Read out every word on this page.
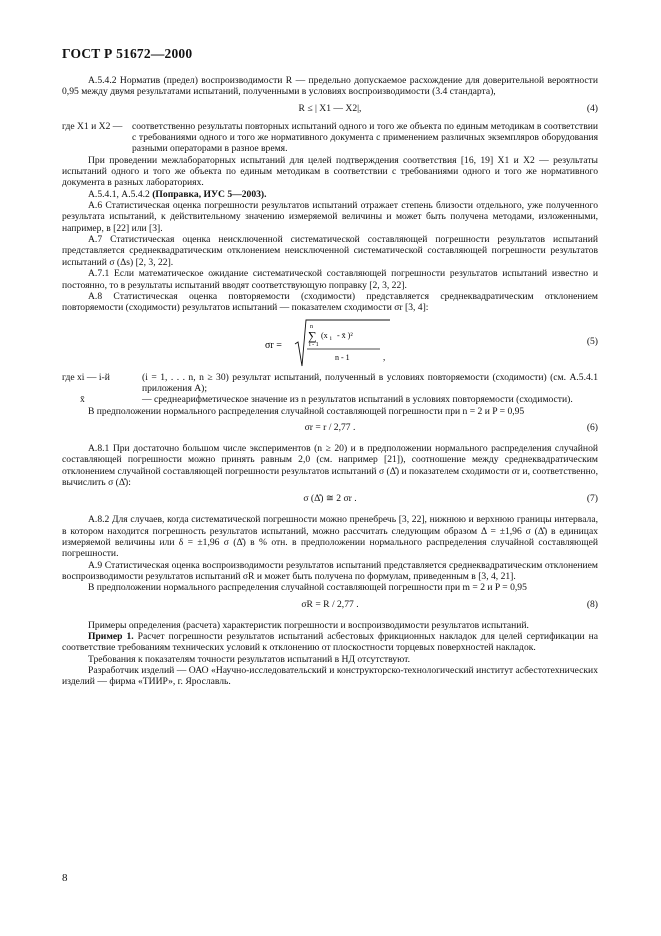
ГОСТ Р 51672—2000

А.5.4.2 Норматив (предел) воспроизводимости R — предельно допускаемое расхождение для доверительной вероятности 0,95 между двумя результатами испытаний, полученными в условиях воспроизводимости (3.4 стандарта),

R ≤ | X1 — X2|,	(4)
где X1 и X2 —	соответственно результаты повторных испытаний одного и того же объекта по единым методикам в соответствии с требованиями одного и того же нормативного документа с применением различных экземпляров оборудования разными операторами в разное время.

При проведении межлабораторных испытаний для целей подтверждения соответствия [16, 19] X1 и X2 — результаты испытаний одного и того же объекта по единым методикам в соответствии с требованиями одного и того же нормативного документа в разных лабораториях.

А.5.4.1, А.5.4.2 (Поправка, ИУС 5—2003).

А.6 Статистическая оценка погрешности результатов испытаний отражает степень близости отдельного, уже полученного результата испытаний, к действительному значению измеряемой величины и может быть получена методами, изложенными, например, в [22] или [3].

А.7 Статистическая оценка неисключенной систематической составляющей погрешности результатов испытаний представляется среднеквадратическим отклонением неисключенной систематической составляющей погрешности результатов испытаний σ (Δs) [2, 3, 22].

А.7.1 Если математическое ожидание систематической составляющей погрешности результатов испытаний известно и постоянно, то в результаты испытаний вводят соответствующую поправку [2, 3, 22].

А.8 Статистическая оценка повторяемости (сходимости) представляется среднеквадратическим отклонением повторяемости (сходимости) результатов испытаний — показателем сходимости σr [3, 4]:

σr =
n
∑
i - 1
(x i - x̄ )²
n - 1	,
(5)
где xi — i-й	(i = 1, . . . n, n ≥ 30) результат испытаний, полученный в условиях повторяемости (сходимости) (см. А.5.4.1 приложения А);
x̄	— среднеарифметическое значение из n результатов испытаний в условиях повторяемости (сходимости).

В предположении нормального распределения случайной составляющей погрешности при n = 2 и P = 0,95

σr = r / 2,77 .	(6)

А.8.1 При достаточно большом числе экспериментов (n ≥ 20) и в предположении нормального распределения случайной составляющей погрешности можно принять равным 2,0 (см. например [21]), соотношение между среднеквадратическим отклонением случайной составляющей погрешности результатов испытаний σ (Δ̊) и показателем сходимости σr и, соответственно, вычислить σ (Δ̊):

σ (Δ̊) ≅ 2 σr .	(7)

А.8.2 Для случаев, когда систематической погрешности можно пренебречь [3, 22], нижнюю и верхнюю границы интервала, в котором находится погрешность результатов испытаний, можно рассчитать следующим образом Δ = ±1,96 σ (Δ̊) в единицах измеряемой величины или δ = ±1,96 σ (Δ̊) в % отн. в предположении нормального распределения случайной составляющей погрешности.

А.9 Статистическая оценка воспроизводимости результатов испытаний представляется среднеквадратическим отклонением воспроизводимости результатов испытаний σR и может быть получена по формулам, приведенным в [3, 4, 21].

В предположении нормального распределения случайной составляющей погрешности при m = 2 и P = 0,95

σR = R / 2,77 .	(8)

Примеры определения (расчета) характеристик погрешности и воспроизводимости результатов испытаний.

Пример 1. Расчет погрешности результатов испытаний асбестовых фрикционных накладок для целей сертификации на соответствие требованиям технических условий к отклонению от плоскостности торцевых поверхностей накладок.

Требования к показателям точности результатов испытаний в НД отсутствуют.

Разработчик изделий — ОАО «Научно-исследовательский и конструкторско-технологический институт асбестотехнических изделий — фирма «ТИИР», г. Ярославль.

8
